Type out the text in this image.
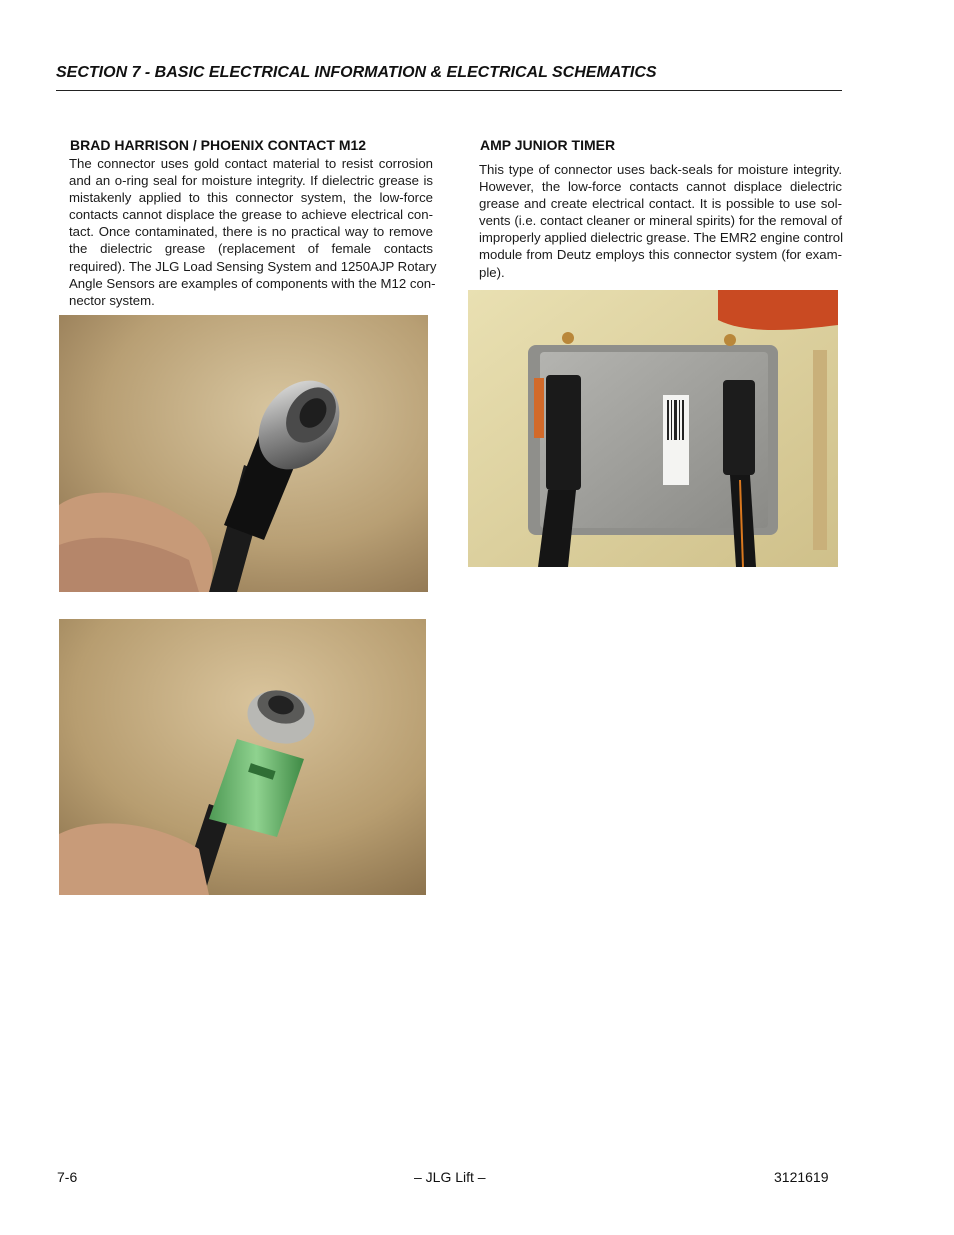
SECTION 7 - BASIC ELECTRICAL INFORMATION & ELECTRICAL SCHEMATICS
BRAD HARRISON / PHOENIX CONTACT M12
The connector uses gold contact material to resist corrosion
and an o-ring seal for moisture integrity. If dielectric grease is
mistakenly applied to this connector system, the low-force
contacts cannot displace the grease to achieve electrical con-
tact. Once contaminated, there is no practical way to remove
the dielectric grease (replacement of female contacts
required). The JLG Load Sensing System and 1250AJP Rotary
Angle Sensors are examples of components with the M12 con-
nector system.
AMP JUNIOR TIMER
This type of connector uses back-seals for moisture integrity.
However, the low-force contacts cannot displace dielectric
grease and create electrical contact. It is possible to use sol-
vents (i.e. contact cleaner or mineral spirits) for the removal of
improperly applied dielectric grease. The EMR2 engine control
module from Deutz employs this connector system (for exam-
ple).
7-6	– JLG Lift –	3121619
